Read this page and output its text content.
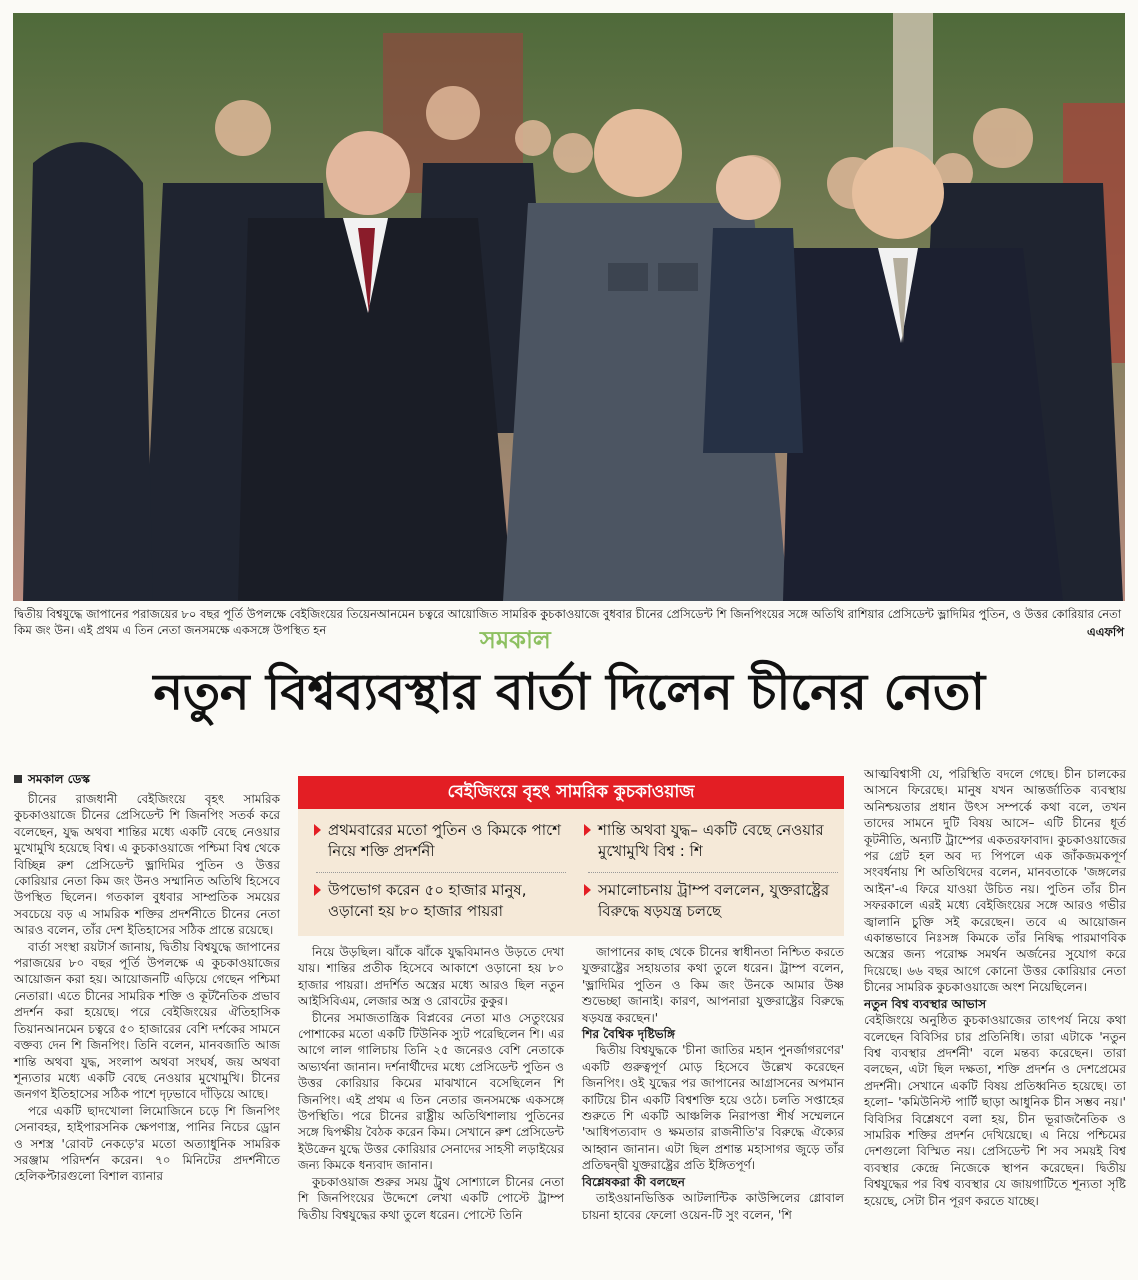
দ্বিতীয় বিশ্বযুদ্ধে জাপানের পরাজয়ের ৮০ বছর পূর্তি উপলক্ষে বেইজিংয়ের তিয়েনআনমেন চত্বরে আয়োজিত সামরিক কুচকাওয়াজে বুধবার চীনের প্রেসিডেন্ট শি জিনপিংয়ের সঙ্গে অতিথি রাশিয়ার প্রেসিডেন্ট ভ্লাদিমির পুতিন, ও উত্তর কোরিয়ার নেতা কিম জং উন। এই প্রথম এ তিন নেতা জনসমক্ষে একসঙ্গে উপস্থিত হন	সমকাল	এএফপি
নতুন বিশ্বব্যবস্থার বার্তা দিলেন চীনের নেতা
সমকাল ডেস্ক
বেইজিংয়ে বৃহৎ সামরিক কুচকাওয়াজ
প্রথমবারের মতো পুতিন ও কিমকে পাশে নিয়ে শক্তি প্রদর্শনী
শান্তি অথবা যুদ্ধ– একটি বেছে নেওয়ার মুখোমুখি বিশ্ব : শি
উপভোগ করেন ৫০ হাজার মানুষ, ওড়ানো হয় ৮০ হাজার পায়রা
সমালোচনায় ট্রাম্প বললেন, যুক্তরাষ্ট্রের বিরুদ্ধে ষড়যন্ত্র চলছে

চীনের রাজধানী বেইজিংয়ে বৃহৎ সামরিক কুচকাওয়াজে চীনের প্রেসিডেন্ট শি জিনপিং সতর্ক করে বলেছেন, যুদ্ধ অথবা শান্তির মধ্যে একটি বেছে নেওয়ার মুখোমুখি হয়েছে বিশ্ব। এ কুচকাওয়াজে পশ্চিমা বিশ্ব থেকে বিচ্ছিন্ন রুশ প্রেসিডেন্ট ভ্লাদিমির পুতিন ও উত্তর কোরিয়ার নেতা কিম জং উনও সম্মানিত অতিথি হিসেবে উপস্থিত ছিলেন। গতকাল বুধবার সাম্প্রতিক সময়ের সবচেয়ে বড় এ সামরিক শক্তির প্রদর্শনীতে চীনের নেতা আরও বলেন, তাঁর দেশ ইতিহাসের সঠিক প্রান্তে রয়েছে।

বার্তা সংস্থা রয়টার্স জানায়, দ্বিতীয় বিশ্বযুদ্ধে জাপানের পরাজয়ের ৮০ বছর পূর্তি উপলক্ষে এ কুচকাওয়াজের আয়োজন করা হয়। আয়োজনটি এড়িয়ে গেছেন পশ্চিমা নেতারা। এতে চীনের সামরিক শক্তি ও কূটনৈতিক প্রভাব প্রদর্শন করা হয়েছে। পরে বেইজিংয়ের ঐতিহাসিক তিয়ানআনমেন চত্বরে ৫০ হাজারের বেশি দর্শকের সামনে বক্তব্য দেন শি জিনপিং। তিনি বলেন, মানবজাতি আজ শান্তি অথবা যুদ্ধ, সংলাপ অথবা সংঘর্ষ, জয় অথবা শূন্যতার মধ্যে একটি বেছে নেওয়ার মুখোমুখি। চীনের জনগণ ইতিহাসের সঠিক পাশে দৃঢ়ভাবে দাঁড়িয়ে আছে।

পরে একটি ছাদখোলা লিমোজিনে চড়ে শি জিনপিং সেনাবহর, হাইপারসনিক ক্ষেপণাস্ত্র, পানির নিচের ড্রোন ও সশস্ত্র 'রোবট নেকড়ে'র মতো অত্যাধুনিক সামরিক সরঞ্জাম পরিদর্শন করেন। ৭০ মিনিটের প্রদর্শনীতে হেলিকপ্টারগুলো বিশাল ব্যানার

নিয়ে উড়ছিল। ঝাঁকে ঝাঁকে যুদ্ধবিমানও উড়তে দেখা যায়। শান্তির প্রতীক হিসেবে আকাশে ওড়ানো হয় ৮০ হাজার পায়রা। প্রদর্শিত অস্ত্রের মধ্যে আরও ছিল নতুন আইসিবিএম, লেজার অস্ত্র ও রোবটের কুকুর।

চীনের সমাজতান্ত্রিক বিপ্লবের নেতা মাও সেতুংয়ের পোশাকের মতো একটি টিউনিক স্যুট পরেছিলেন শি। এর আগে লাল গালিচায় তিনি ২৫ জনেরও বেশি নেতাকে অভ্যর্থনা জানান। দর্শনার্থীদের মধ্যে প্রেসিডেন্ট পুতিন ও উত্তর কোরিয়ার কিমের মাঝখানে বসেছিলেন শি জিনপিং। এই প্রথম এ তিন নেতার জনসমক্ষে একসঙ্গে উপস্থিতি। পরে চীনের রাষ্ট্রীয় অতিথিশালায় পুতিনের সঙ্গে দ্বিপক্ষীয় বৈঠক করেন কিম। সেখানে রুশ প্রেসিডেন্ট ইউক্রেন যুদ্ধে উত্তর কোরিয়ার সেনাদের সাহসী লড়াইয়ের জন্য কিমকে ধন্যবাদ জানান।

কুচকাওয়াজ শুরুর সময় ট্রুথ সোশ্যালে চীনের নেতা শি জিনপিংয়ের উদ্দেশে লেখা একটি পোস্টে ট্রাম্প দ্বিতীয় বিশ্বযুদ্ধের কথা তুলে ধরেন। পোস্টে তিনি

জাপানের কাছ থেকে চীনের স্বাধীনতা নিশ্চিত করতে যুক্তরাষ্ট্রের সহায়তার কথা তুলে ধরেন। ট্রাম্প বলেন, 'ভ্লাদিমির পুতিন ও কিম জং উনকে আমার উষ্ণ শুভেচ্ছা জানাই। কারণ, আপনারা যুক্তরাষ্ট্রের বিরুদ্ধে ষড়যন্ত্র করছেন।'

শির বৈশ্বিক দৃষ্টিভঙ্গি

দ্বিতীয় বিশ্বযুদ্ধকে 'চীনা জাতির মহান পুনর্জাগরণের' একটি গুরুত্বপূর্ণ মোড় হিসেবে উল্লেখ করেছেন জিনপিং। ওই যুদ্ধের পর জাপানের আগ্রাসনের অপমান কাটিয়ে চীন একটি বিশ্বশক্তি হয়ে ওঠে। চলতি সপ্তাহের শুরুতে শি একটি আঞ্চলিক নিরাপত্তা শীর্ষ সম্মেলনে 'আধিপত্যবাদ ও ক্ষমতার রাজনীতি'র বিরুদ্ধে ঐক্যের আহ্বান জানান। এটা ছিল প্রশান্ত মহাসাগর জুড়ে তাঁর প্রতিদ্বন্দ্বী যুক্তরাষ্ট্রের প্রতি ইঙ্গিতপূর্ণ।

বিশ্লেষকরা কী বলছেন

তাইওয়ানভিত্তিক আটলান্টিক কাউন্সিলের গ্লোবাল চায়না হাবের ফেলো ওয়েন-টি সুং বলেন, 'শি

আত্মবিশ্বাসী যে, পরিস্থিতি বদলে গেছে। চীন চালকের আসনে ফিরেছে। মানুষ যখন আন্তর্জাতিক ব্যবস্থায় অনিশ্চয়তার প্রধান উৎস সম্পর্কে কথা বলে, তখন তাদের সামনে দুটি বিষয় আসে– এটি চীনের ধূর্ত কূটনীতি, অন্যটি ট্রাম্পের একতরফাবাদ। কুচকাওয়াজের পর গ্রেট হল অব দ্য পিপলে এক জাঁকজমকপূর্ণ সংবর্ধনায় শি অতিথিদের বলেন, মানবতাকে 'জঙ্গলের আইন'-এ ফিরে যাওয়া উচিত নয়। পুতিন তাঁর চীন সফরকালে এরই মধ্যে বেইজিংয়ের সঙ্গে আরও গভীর জ্বালানি চুক্তি সই করেছেন। তবে এ আয়োজন একান্তভাবে নিঃসঙ্গ কিমকে তাঁর নিষিদ্ধ পারমাণবিক অস্ত্রের জন্য পরোক্ষ সমর্থন অর্জনের সুযোগ করে দিয়েছে। ৬৬ বছর আগে কোনো উত্তর কোরিয়ার নেতা চীনের সামরিক কুচকাওয়াজে অংশ নিয়েছিলেন।

নতুন বিশ্ব ব্যবস্থার আভাস

বেইজিংয়ে অনুষ্ঠিত কুচকাওয়াজের তাৎপর্য নিয়ে কথা বলেছেন বিবিসির চার প্রতিনিধি। তারা এটাকে 'নতুন বিশ্ব ব্যবস্থার প্রদর্শনী' বলে মন্তব্য করেছেন। তারা বলছেন, এটা ছিল দক্ষতা, শক্তি প্রদর্শন ও দেশপ্রেমের প্রদর্শনী। সেখানে একটি বিষয় প্রতিধ্বনিত হয়েছে। তা হলো– 'কমিউনিস্ট পার্টি ছাড়া আধুনিক চীন সম্ভব নয়।' বিবিসির বিশ্লেষণে বলা হয়, চীন ভূরাজনৈতিক ও সামরিক শক্তির প্রদর্শন দেখিয়েছে। এ নিয়ে পশ্চিমের দেশগুলো বিস্মিত নয়। প্রেসিডেন্ট শি সব সময়ই বিশ্ব ব্যবস্থার কেন্দ্রে নিজেকে স্থাপন করেছেন। দ্বিতীয় বিশ্বযুদ্ধের পর বিশ্ব ব্যবস্থার যে জায়গাটিতে শূন্যতা সৃষ্টি হয়েছে, সেটা চীন পূরণ করতে যাচ্ছে।
